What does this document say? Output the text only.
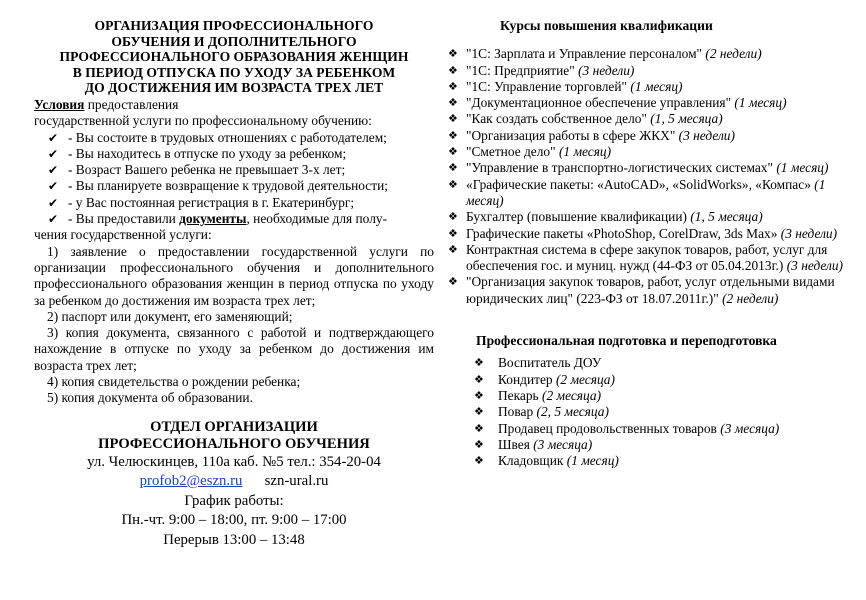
ОРГАНИЗАЦИЯ ПРОФЕССИОНАЛЬНОГО
ОБУЧЕНИЯ И ДОПОЛНИТЕЛЬНОГО
ПРОФЕССИОНАЛЬНОГО ОБРАЗОВАНИЯ ЖЕНЩИН
В ПЕРИОД ОТПУСКА ПО УХОДУ ЗА РЕБЕНКОМ
ДО ДОСТИЖЕНИЯ ИМ ВОЗРАСТА ТРЕХ ЛЕТ
Условия предоставления
государственной услуги по профессиональному обучению:
✔ - Вы состоите в трудовых отношениях с работодателем;
✔ - Вы находитесь в отпуске по уходу за ребенком;
✔ - Возраст Вашего ребенка не превышает 3-х лет;
✔ - Вы планируете возвращение к трудовой деятельности;
✔ - у Вас постоянная регистрация в г. Екатеринбург;
✔ - Вы предоставили документы, необходимые для полу-
чения государственной услуги:
1) заявление о предоставлении государственной услуги по организации профессионального обучения и дополнительного профессионального образования женщин в период отпуска по уходу за ребенком до достижения им возраста трех лет;
2) паспорт или документ, его заменяющий;
3) копия документа, связанного с работой и подтверждающего нахождение в отпуске по уходу за ребенком до достижения им возраста трех лет;
4) копия свидетельства о рождении ребенка;
5) копия документа об образовании.
ОТДЕЛ ОРГАНИЗАЦИИ
ПРОФЕССИОНАЛЬНОГО ОБУЧЕНИЯ
ул. Челюскинцев, 110а каб. №5 тел.: 354-20-04
profob2@eszn.ru szn-ural.ru
График работы:
Пн.-чт. 9:00 – 18:00, пт. 9:00 – 17:00
Перерыв 13:00 – 13:48
Курсы повышения квалификации
❖ "1С: Зарплата и Управление персоналом" (2 недели)
❖ "1С: Предприятие" (3 недели)
❖ "1С: Управление торговлей" (1 месяц)
❖ "Документационное обеспечение управления" (1 месяц)
❖ "Как создать собственное дело" (1, 5 месяца)
❖ "Организация работы в сфере ЖКХ" (3 недели)
❖ "Сметное дело" (1 месяц)
❖ "Управление в транспортно-логистических системах" (1 месяц)
❖ «Графические пакеты: «AutoCAD», «SolidWorks», «Компас» (1 месяц)
❖ Бухгалтер (повышение квалификации) (1, 5 месяца)
❖ Графические пакеты «PhotoShop, CorelDraw, 3ds Max» (3 недели)
❖ Контрактная система в сфере закупок товаров, работ, услуг для обеспечения гос. и муниц. нужд (44-ФЗ от 05.04.2013г.) (3 недели)
❖ "Организация закупок товаров, работ, услуг отдельными видами юридических лиц" (223-ФЗ от 18.07.2011г.)" (2 недели)
Профессиональная подготовка и переподготовка
❖ Воспитатель ДОУ
❖ Кондитер (2 месяца)
❖ Пекарь (2 месяца)
❖ Повар (2, 5 месяца)
❖ Продавец продовольственных товаров (3 месяца)
❖ Швея (3 месяца)
❖ Кладовщик (1 месяц)
